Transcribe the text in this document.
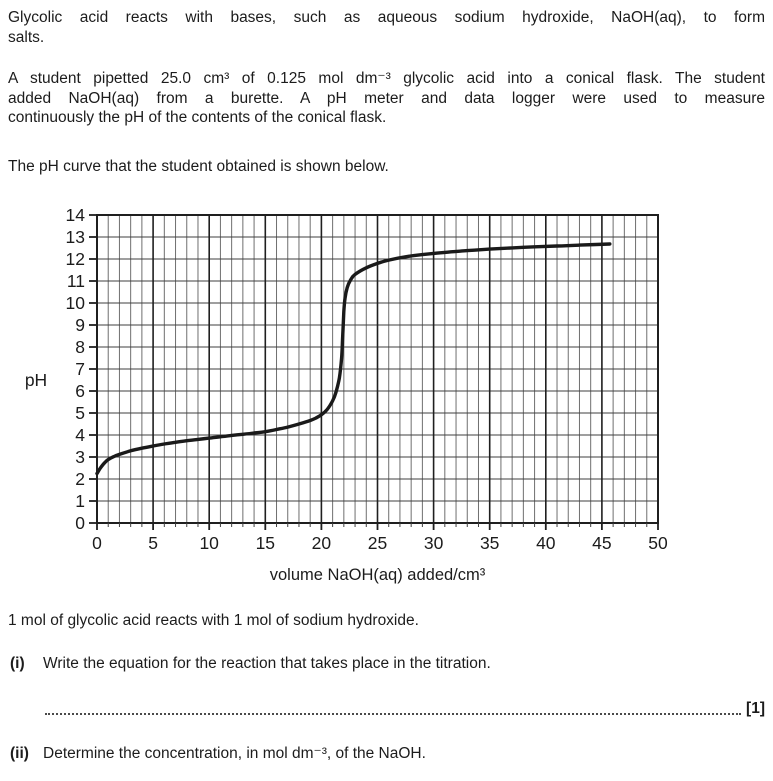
Glycolic acid reacts with bases, such as aqueous sodium hydroxide, NaOH(aq), to form
salts.
A student pipetted 25.0 cm³ of 0.125 mol dm⁻³ glycolic acid into a conical flask. The student
added NaOH(aq) from a burette. A pH meter and data logger were used to measure
continuously the pH of the contents of the conical flask.
The pH curve that the student obtained is shown below.
0
1
2
3
4
5
6
7
8
9
10
11
12
13
14
0	5 10 15 20 25 30 35 40 45 50
pH
volume NaOH(aq) added/cm³
1 mol of glycolic acid reacts with 1 mol of sodium hydroxide.
(i)	Write the equation for the reaction that takes place in the titration.
[1]
(ii) Determine the concentration, in mol dm⁻³, of the NaOH.
